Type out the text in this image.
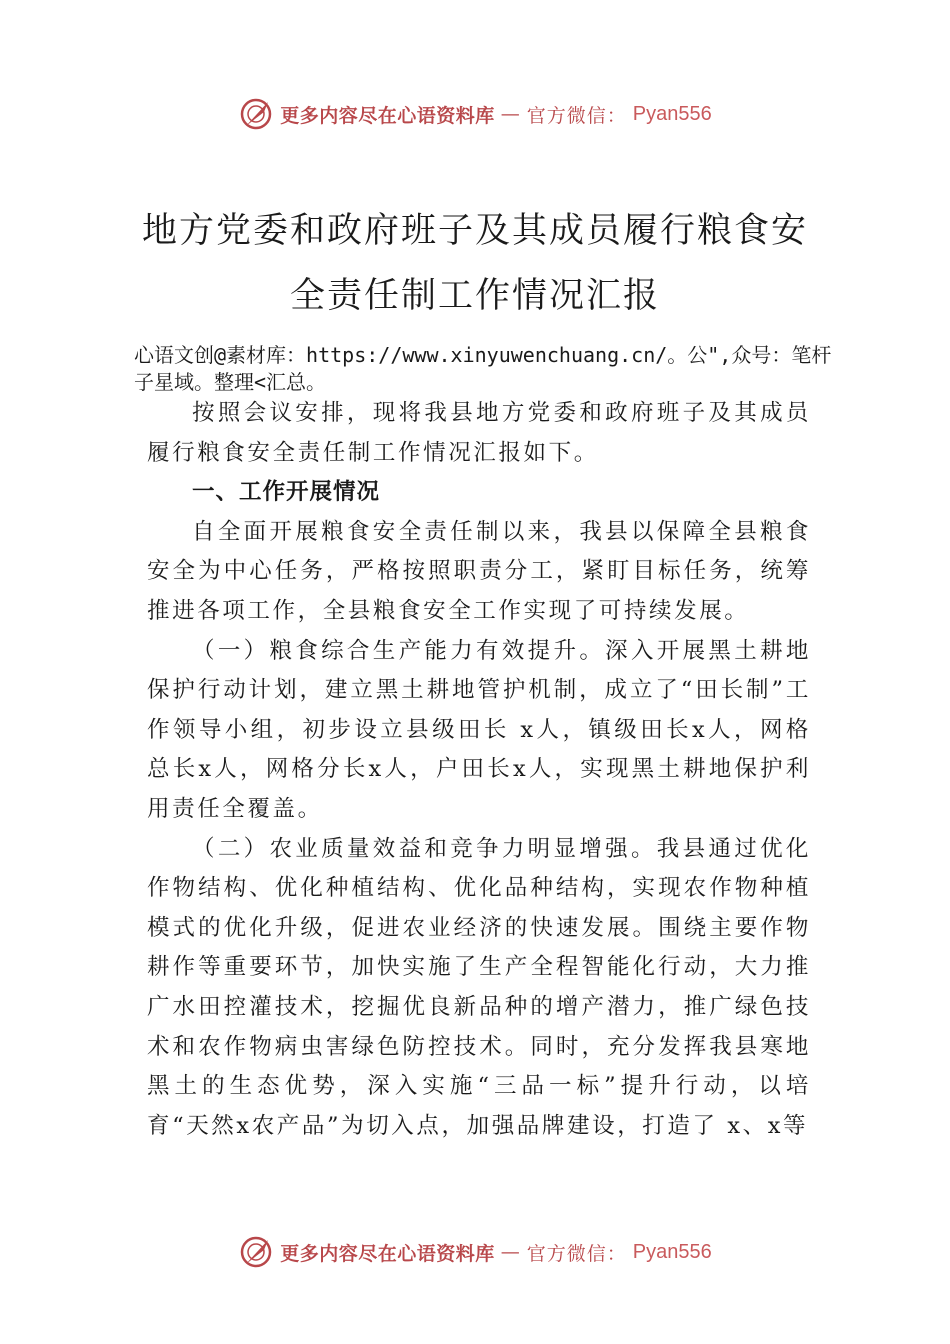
更多内容尽在心语资料库 — 官方微信： Pyan556
地方党委和政府班子及其成员履行粮食安
全责任制工作情况汇报

心语文创@素材库：https://www.xinyuwenchuang.cn/。公",众号：笔杆子星域。整理<汇总。

按照会议安排，现将我县地方党委和政府班子及其成员履行粮食安全责任制工作情况汇报如下。

一、工作开展情况

自全面开展粮食安全责任制以来，我县以保障全县粮食安全为中心任务，严格按照职责分工，紧盯目标任务，统筹推进各项工作，全县粮食安全工作实现了可持续发展。

（一）粮食综合生产能力有效提升。深入开展黑土耕地保护行动计划，建立黑土耕地管护机制，成立了“田长制”工作领导小组，初步设立县级田长 x人，镇级田长x人，网格总长x人，网格分长x人，户田长x人，实现黑土耕地保护利用责任全覆盖。

（二）农业质量效益和竞争力明显增强。我县通过优化作物结构、优化种植结构、优化品种结构，实现农作物种植模式的优化升级，促进农业经济的快速发展。围绕主要作物耕作等重要环节，加快实施了生产全程智能化行动，大力推广水田控灌技术，挖掘优良新品种的增产潜力，推广绿色技术和农作物病虫害绿色防控技术。同时，充分发挥我县寒地黑土的生态优势，深入实施“三品一标”提升行动，以培育“天然x农产品”为切入点，加强品牌建设，打造了 x、x等

更多内容尽在心语资料库 — 官方微信： Pyan556
